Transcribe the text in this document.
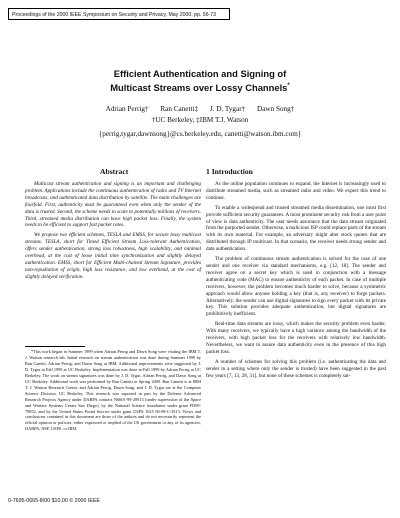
Proceedings of the 2000 IEEE Symposium on Security and Privacy, May 2000, pp. 56-73
Efficient Authentication and Signing of
Multicast Streams over Lossy Channels*
Adrian Perrig† Ran Canetti‡ J. D. Tygar† Dawn Song†
†UC Berkeley, ‡IBM T.J. Watson
{perrig,tygar,dawnsong}@cs.berkeley.edu, canetti@watson.ibm.com}
Abstract	1 Introduction

Multicast stream authentication and signing is an important and challenging problem. Applications include the continuous authentication of radio and TV Internet broadcasts, and authenticated data distribution by satellite. The main challenges are fourfold. First, authenticity must be guaranteed even when only the sender of the data is trusted. Second, the scheme needs to scale to potentially millions of receivers. Third, streamed media distribution can have high packet loss. Finally, the system needs to be efficient to support fast packet rates.

We propose two efficient schemes, TESLA and EMSS, for secure lossy multicast streams. TESLA, short for Timed Efficient Stream Loss-tolerant Authentication, offers sender authentication, strong loss robustness, high scalability, and minimal overhead, at the cost of loose initial time synchronization and slightly delayed authentication. EMSS, short for Efficient Multi-chained Stream Signature, provides non-repudiation of origin, high loss resistance, and low overhead, at the cost of slightly delayed verification.

*This work began in Summer 1999 when Adrian Perrig and Dawn Song were visiting the IBM T. J. Watson research lab. Initial research on stream authentication was done during Summer 1999 by Ran Canetti, Adrian Perrig, and Dawn Song at IBM. Additional improvements were suggested by J. D. Tygar in Fall 1999 at UC Berkeley. Implementation was done in Fall 1999 by Adrian Perrig at UC Berkeley. The work on stream signatures was done by J. D. Tygar, Adrian Perrig, and Dawn Song at UC Berkeley. Additional work was performed by Ran Canetti in Spring 2000. Ran Canetti is at IBM T. J. Watson Research Center, and Adrian Perrig, Dawn Song, and J. D. Tygar are at the Computer Science Division, UC Berkeley. This research was suported in part by the Defense Advanced Research Projects Agency under DARPA contract N6601-99-28913 (under supervision of the Space and Warfare Systems Center San Diego), by the National Science foundation under grant FD99-79852, and by the United States Postal Service under grant USPS 1025 90-98-C-3513. Views and conclusions contained in this document are those of the authors and do not necessarily represent the official opinion or policies, either expressed or implied of the US government or any of its agencies, DARPA, NSF, USPS, or IBM.

As the online population continues to expand, the Internet is increasingly used to distribute streamed media, such as streamed radio and video. We expect this trend to continue.

To enable a widespread and trusted streamed media dissemination, one must first provide sufficient security guarantees. A most prominent security risk from a user point of view is data authenticity. The user needs assurance that the data stream originated from the purported sender. Otherwise, a malicious ISP could replace parts of the stream with its own material. For example, an adversary might alter stock quotes that are distributed through IP multicast. In that scenario, the receiver needs strong sender and data authentication.

The problem of continuous stream authentication is solved for the case of one sender and one receiver via standard mechanisms, e.g. [12, 18]. The sender and receiver agree on a secret key which is used in conjunction with a message authenticating code (MAC) to ensure authenticity of each packet. In case of multiple receivers, however, the problem becomes much harder to solve, because a symmetric approach would allow anyone holding a key (that is, any receiver) to forge packets. Alternatively, the sender can use digital signatures to sign every packet with its private key. This solution provides adequate authentication, but digital signatures are prohibitively inefficient.

Real-time data streams are lossy, which makes the security problem even harder. With many receivers, we typically have a high variance among the bandwidth of the receivers, with high packet loss for the receivers with relatively low bandwidth. Nevertheless, we want to assure data authenticity even in the presence of this high packet loss.

A number of schemes for solving this problem (i.e. authenticating the data and sender in a setting where only the sender is trusted) have been suggested in the past few years [7, 13, 28, 31], but none of these schemes is completely sat-

0-7695-0665-8/00 $10.00 © 2000 IEEE
